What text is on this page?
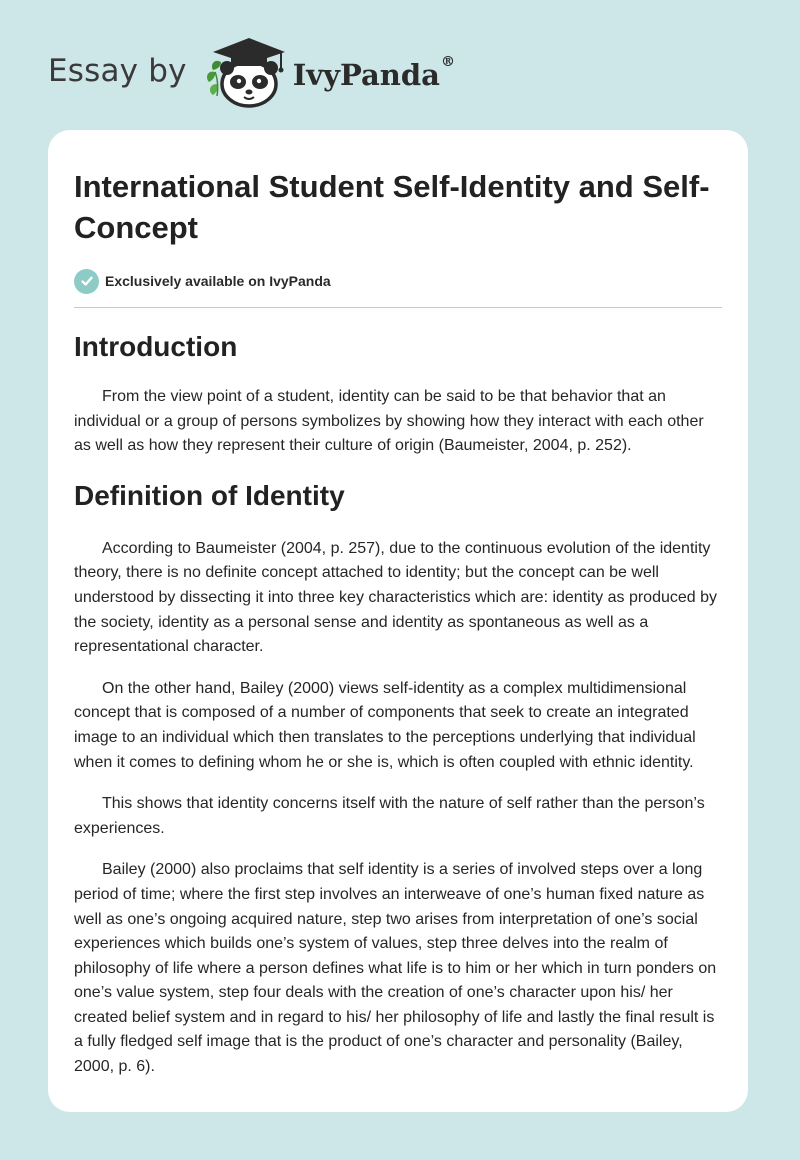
Essay by	IvyPanda®
International Student Self-Identity and Self-Concept
Exclusively available on IvyPanda
Introduction

From the view point of a student, identity can be said to be that behavior that an individual or a group of persons symbolizes by showing how they interact with each other as well as how they represent their culture of origin (Baumeister, 2004, p. 252).

Definition of Identity

According to Baumeister (2004, p. 257), due to the continuous evolution of the identity theory, there is no definite concept attached to identity; but the concept can be well understood by dissecting it into three key characteristics which are: identity as produced by the society, identity as a personal sense and identity as spontaneous as well as a representational character.

On the other hand, Bailey (2000) views self-identity as a complex multidimensional concept that is composed of a number of components that seek to create an integrated image to an individual which then translates to the perceptions underlying that individual when it comes to defining whom he or she is, which is often coupled with ethnic identity.

This shows that identity concerns itself with the nature of self rather than the person’s experiences.

Bailey (2000) also proclaims that self identity is a series of involved steps over a long period of time; where the first step involves an interweave of one’s human fixed nature as well as one’s ongoing acquired nature, step two arises from interpretation of one’s social experiences which builds one’s system of values, step three delves into the realm of philosophy of life where a person defines what life is to him or her which in turn ponders on one’s value system, step four deals with the creation of one’s character upon his/ her created belief system and in regard to his/ her philosophy of life and lastly the final result is a fully fledged self image that is the product of one’s character and personality (Bailey, 2000, p. 6).
